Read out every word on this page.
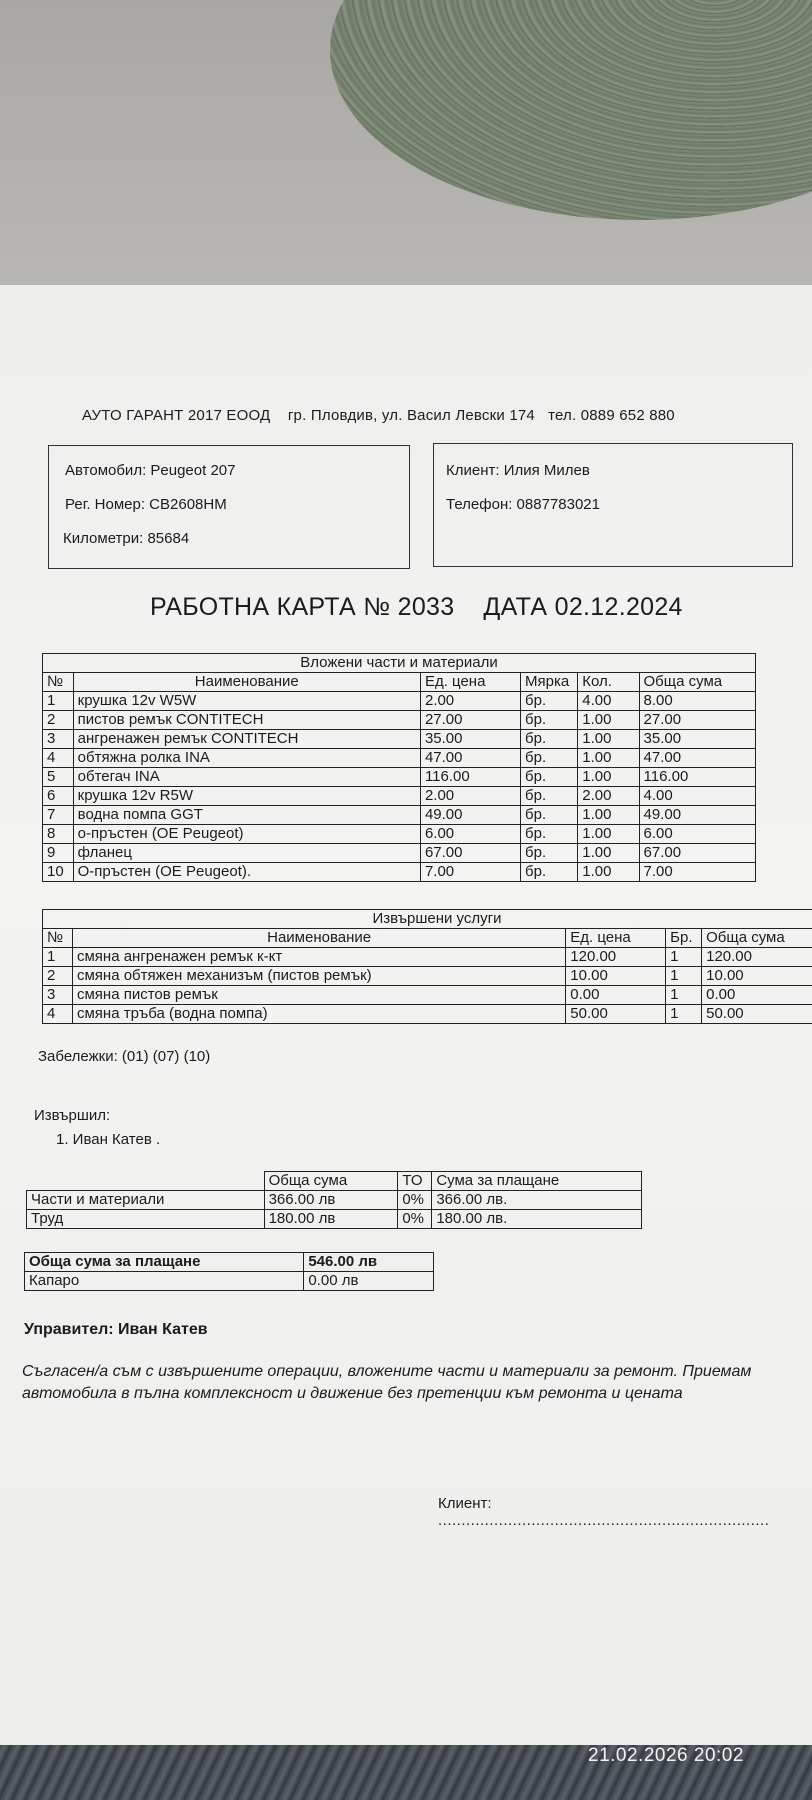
АУТО ГАРАНТ 2017 ЕООД гр. Пловдив, ул. Васил Левски 174 тел. 0889 652 880
Автомобил: Peugeot 207
Рег. Номер: СВ2608НМ
Километри: 85684
Клиент: Илия Милев
Телефон: 0887783021
РАБОТНА КАРТА № 2033 ДАТА 02.12.2024
Вложени части и материали					
№	Наименование	Ед. цена	Мярка	Кол.	Обща сума
1	крушка 12v W5W	2.00	бр.	4.00	8.00
2	пистов ремък CONTITECH	27.00	бр.	1.00	27.00
3	ангренажен ремък CONTITECH	35.00	бр.	1.00	35.00
4	обтяжна ролка INA	47.00	бр.	1.00	47.00
5	обтегач INA	116.00	бр.	1.00	116.00
6	крушка 12v R5W	2.00	бр.	2.00	4.00
7	водна помпа GGT	49.00	бр.	1.00	49.00
8	о-пръстен (OE Peugeot)	6.00	бр.	1.00	6.00
9	фланец	67.00	бр.	1.00	67.00
10	О-пръстен (OE Peugeot).	7.00	бр.	1.00	7.00
Извършени услуги				
№	Наименование	Ед. цена	Бр.	Обща сума
1	смяна ангренажен ремък к-кт	120.00	1	120.00
2	смяна обтяжен механизъм (пистов ремък)	10.00	1	10.00
3	смяна пистов ремък	0.00	1	0.00
4	смяна тръба (водна помпа)	50.00	1	50.00
Забележки: (01) (07) (10)
Извършил:
1. Иван Катев .
	Обща сума	ТО	Сума за плащане
Части и материали	366.00 лв	0%	366.00 лв.
Труд	180.00 лв	0%	180.00 лв.
Обща сума за плащане	546.00 лв
Капаро	0.00 лв
Управител: Иван Катев
Съгласен/а съм с извършените операции, вложените части и материали за ремонт. Приемам автомобила в пълна комплексност и движение без претенции към ремонта и цената
Клиент:   .......................................................................
21.02.2026 20:02
